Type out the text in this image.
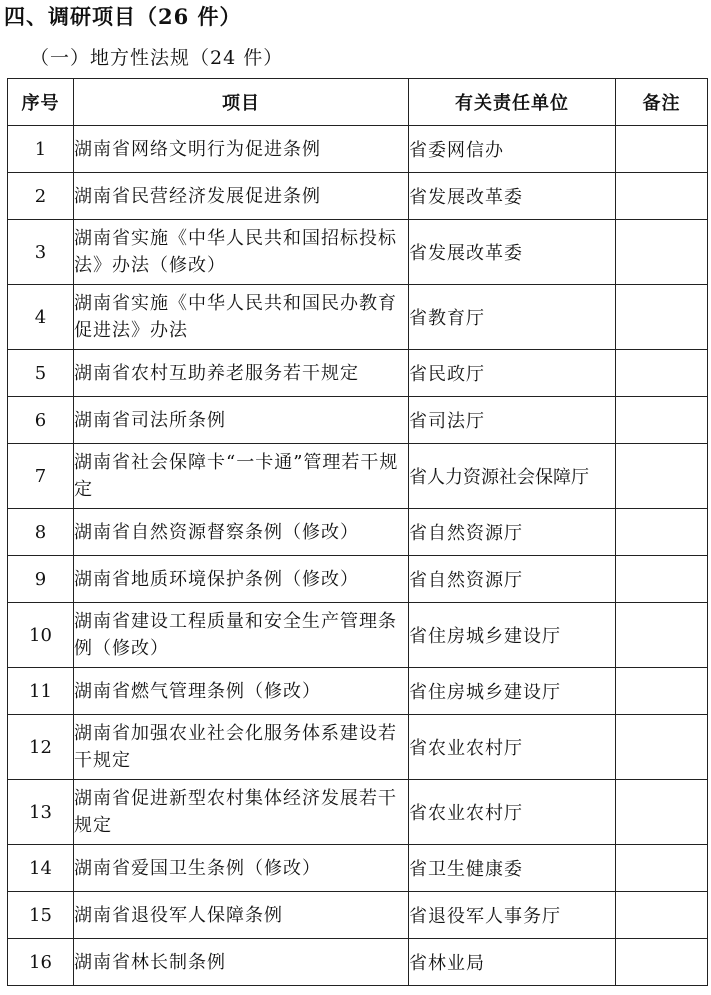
四、调研项目（26 件）
（一）地方性法规（24 件）
序号	项目	有关责任单位	备注
1	湖南省网络文明行为促进条例	省委网信办	
2	湖南省民营经济发展促进条例	省发展改革委	
3	湖南省实施《中华人民共和国招标投标法》办法（修改）	省发展改革委	
4	湖南省实施《中华人民共和国民办教育促进法》办法	省教育厅	
5	湖南省农村互助养老服务若干规定	省民政厅	
6	湖南省司法所条例	省司法厅	
7	湖南省社会保障卡“一卡通”管理若干规定	省人力资源社会保障厅	
8	湖南省自然资源督察条例（修改）	省自然资源厅	
9	湖南省地质环境保护条例（修改）	省自然资源厅	
10	湖南省建设工程质量和安全生产管理条例（修改）	省住房城乡建设厅	
11	湖南省燃气管理条例（修改）	省住房城乡建设厅	
12	湖南省加强农业社会化服务体系建设若干规定	省农业农村厅	
13	湖南省促进新型农村集体经济发展若干规定	省农业农村厅	
14	湖南省爱国卫生条例（修改）	省卫生健康委	
15	湖南省退役军人保障条例	省退役军人事务厅	
16	湖南省林长制条例	省林业局	
